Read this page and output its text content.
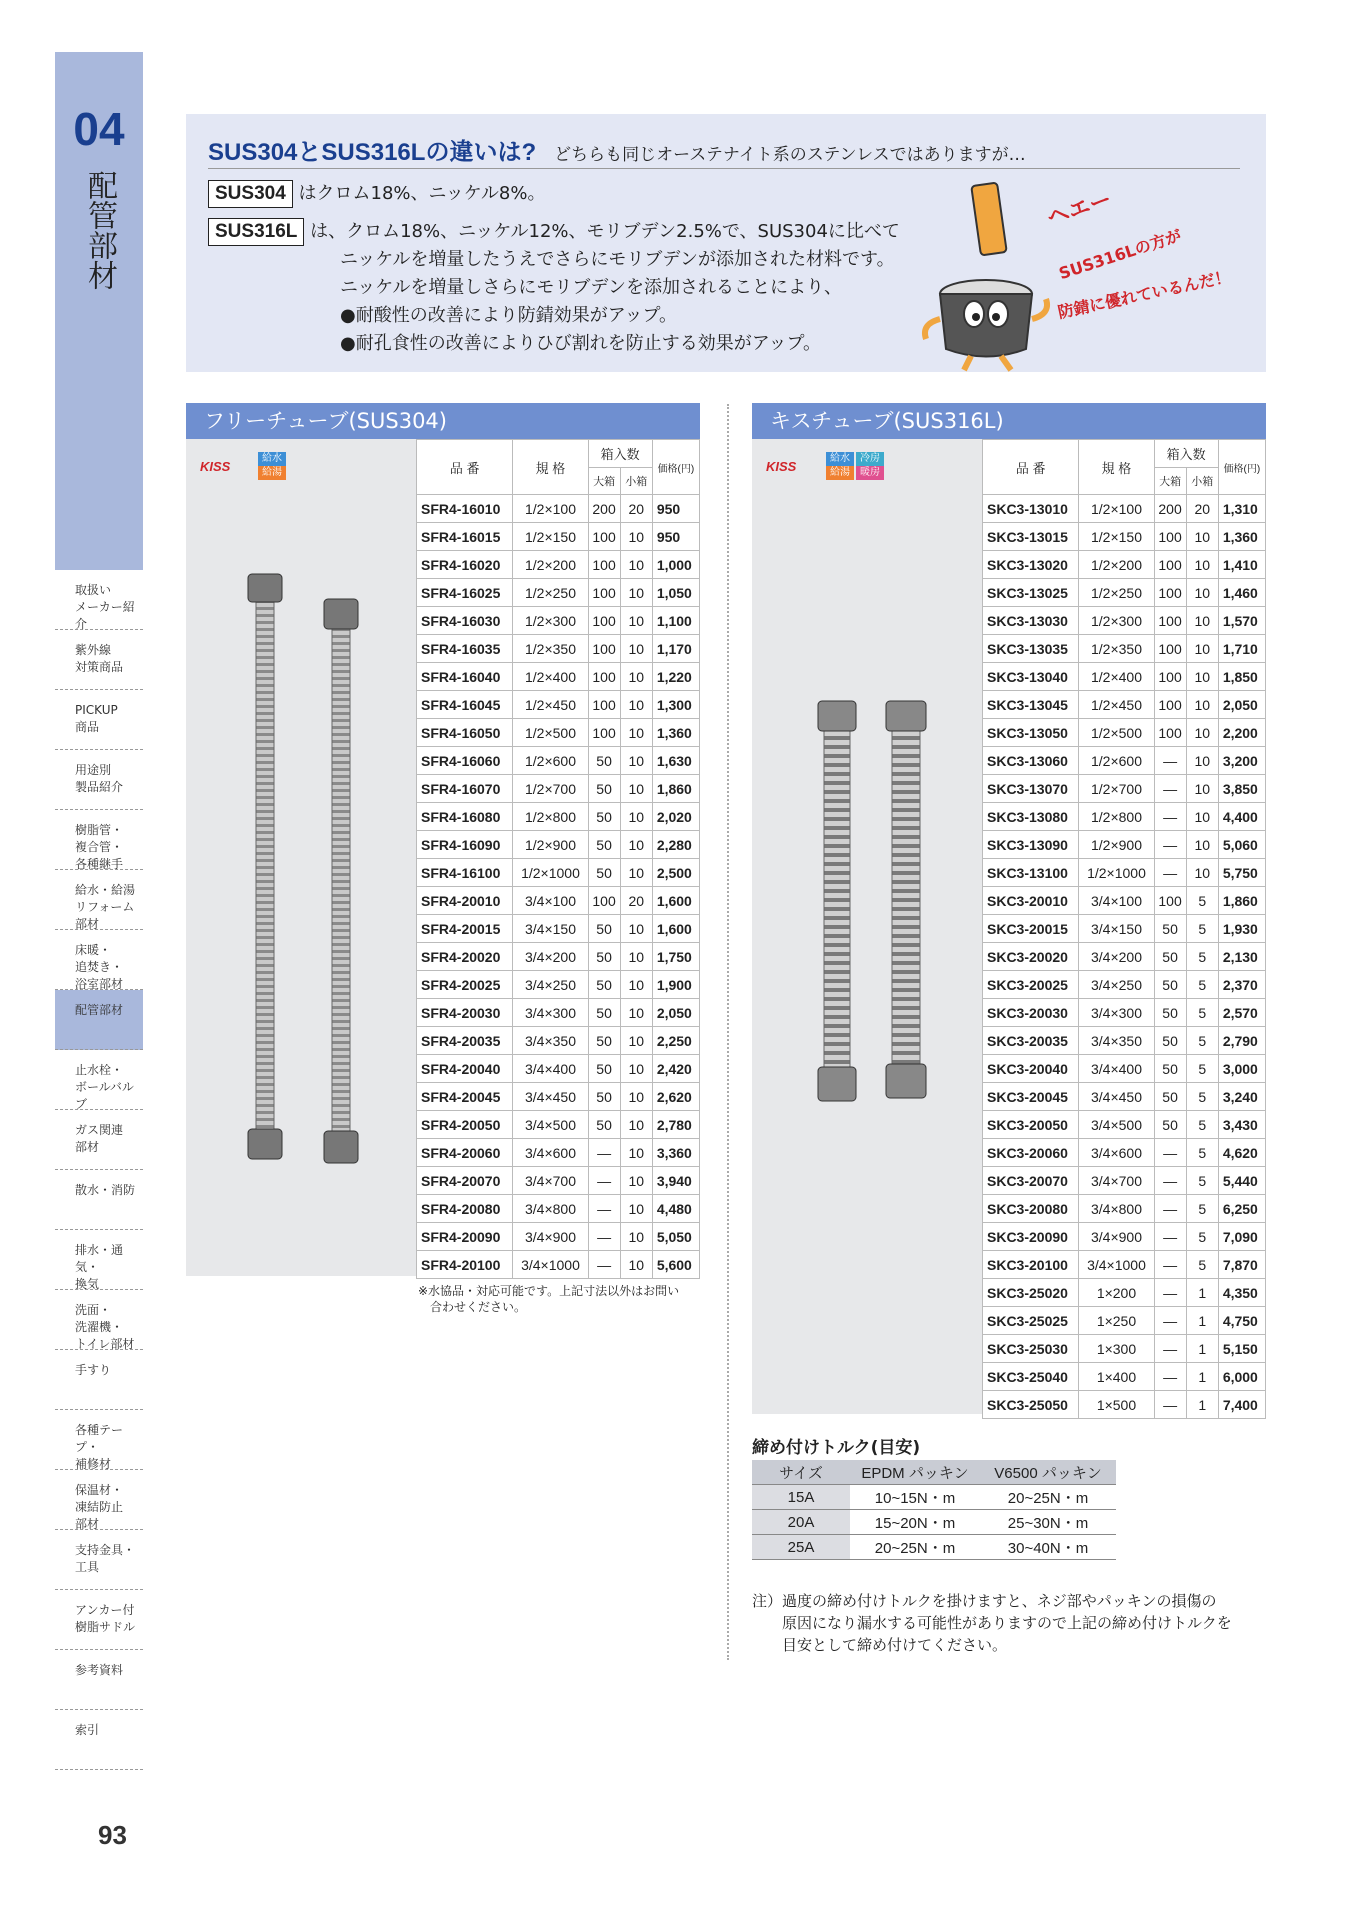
04
配管部材
取扱い
メーカー紹介
紫外線
対策商品
PICKUP
商品
用途別
製品紹介
樹脂管・
複合管・
各種継手
給水・給湯
リフォーム
部材
床暖・
追焚き・
浴室部材
配管部材
止水栓・
ボールバルブ
ガス関連
部材
散水・消防
排水・通気・
換気
洗面・
洗濯機・
トイレ部材
手すり
各種テープ・
補修材
保温材・
凍結防止
部材
支持金具・
工具
アンカー付
樹脂サドル
参考資料
索引
93
SUS304とSUS316Lの違いは? どちらも同じオーステナイト系のステンレスではありますが…
SUS304 はクロム18%、ニッケル8%。
SUS316L は、クロム18%、ニッケル12%、モリブデン2.5%で、SUS304に比べて
ニッケルを増量したうえでさらにモリブデンが添加された材料です。
ニッケルを増量しさらにモリブデンを添加されることにより、
●耐酸性の改善により防錆効果がアップ。
●耐孔食性の改善によりひび割れを防止する効果がアップ。
ヘエー
SUS316Lの方が
防錆に優れているんだ！
フリーチューブ(SUS304)
KISS
給水
給湯	品 番	規 格	箱入数		価格(円)
		大箱	小箱	
SFR4-16010	1/2×100	200	20	950
SFR4-16015	1/2×150	100	10	950
SFR4-16020	1/2×200	100	10	1,000
SFR4-16025	1/2×250	100	10	1,050
SFR4-16030	1/2×300	100	10	1,100
SFR4-16035	1/2×350	100	10	1,170
SFR4-16040	1/2×400	100	10	1,220
SFR4-16045	1/2×450	100	10	1,300
SFR4-16050	1/2×500	100	10	1,360
SFR4-16060	1/2×600	50	10	1,630
SFR4-16070	1/2×700	50	10	1,860
SFR4-16080	1/2×800	50	10	2,020
SFR4-16090	1/2×900	50	10	2,280
SFR4-16100	1/2×1000	50	10	2,500
SFR4-20010	3/4×100	100	20	1,600
SFR4-20015	3/4×150	50	10	1,600
SFR4-20020	3/4×200	50	10	1,750
SFR4-20025	3/4×250	50	10	1,900
SFR4-20030	3/4×300	50	10	2,050
SFR4-20035	3/4×350	50	10	2,250
SFR4-20040	3/4×400	50	10	2,420
SFR4-20045	3/4×450	50	10	2,620
SFR4-20050	3/4×500	50	10	2,780
SFR4-20060	3/4×600	—	10	3,360
SFR4-20070	3/4×700	—	10	3,940
SFR4-20080	3/4×800	—	10	4,480
SFR4-20090	3/4×900	—	10	5,050
SFR4-20100	3/4×1000	—	10	5,600
※水協品・対応可能です。上記寸法以外はお問い
　合わせください。
キスチューブ(SUS316L)
KISS
給水
給湯
冷房
暖房	品 番	規 格	箱入数		価格(円)
		大箱	小箱	
SKC3-13010	1/2×100	200	20	1,310
SKC3-13015	1/2×150	100	10	1,360
SKC3-13020	1/2×200	100	10	1,410
SKC3-13025	1/2×250	100	10	1,460
SKC3-13030	1/2×300	100	10	1,570
SKC3-13035	1/2×350	100	10	1,710
SKC3-13040	1/2×400	100	10	1,850
SKC3-13045	1/2×450	100	10	2,050
SKC3-13050	1/2×500	100	10	2,200
SKC3-13060	1/2×600	—	10	3,200
SKC3-13070	1/2×700	—	10	3,850
SKC3-13080	1/2×800	—	10	4,400
SKC3-13090	1/2×900	—	10	5,060
SKC3-13100	1/2×1000	—	10	5,750
SKC3-20010	3/4×100	100	5	1,860
SKC3-20015	3/4×150	50	5	1,930
SKC3-20020	3/4×200	50	5	2,130
SKC3-20025	3/4×250	50	5	2,370
SKC3-20030	3/4×300	50	5	2,570
SKC3-20035	3/4×350	50	5	2,790
SKC3-20040	3/4×400	50	5	3,000
SKC3-20045	3/4×450	50	5	3,240
SKC3-20050	3/4×500	50	5	3,430
SKC3-20060	3/4×600	—	5	4,620
SKC3-20070	3/4×700	—	5	5,440
SKC3-20080	3/4×800	—	5	6,250
SKC3-20090	3/4×900	—	5	7,090
SKC3-20100	3/4×1000	—	5	7,870
SKC3-25020	1×200	—	1	4,350
SKC3-25025	1×250	—	1	4,750
SKC3-25030	1×300	—	1	5,150
SKC3-25040	1×400	—	1	6,000
SKC3-25050	1×500	—	1	7,400
締め付けトルク(目安)
サイズ	EPDM パッキン	V6500 パッキン
15A	10~15N・m	20~25N・m
20A	15~20N・m	25~30N・m
25A	20~25N・m	30~40N・m
注）過度の締め付けトルクを掛けますと、ネジ部やパッキンの損傷の
　　原因になり漏水する可能性がありますので上記の締め付けトルクを
　　目安として締め付けてください。
